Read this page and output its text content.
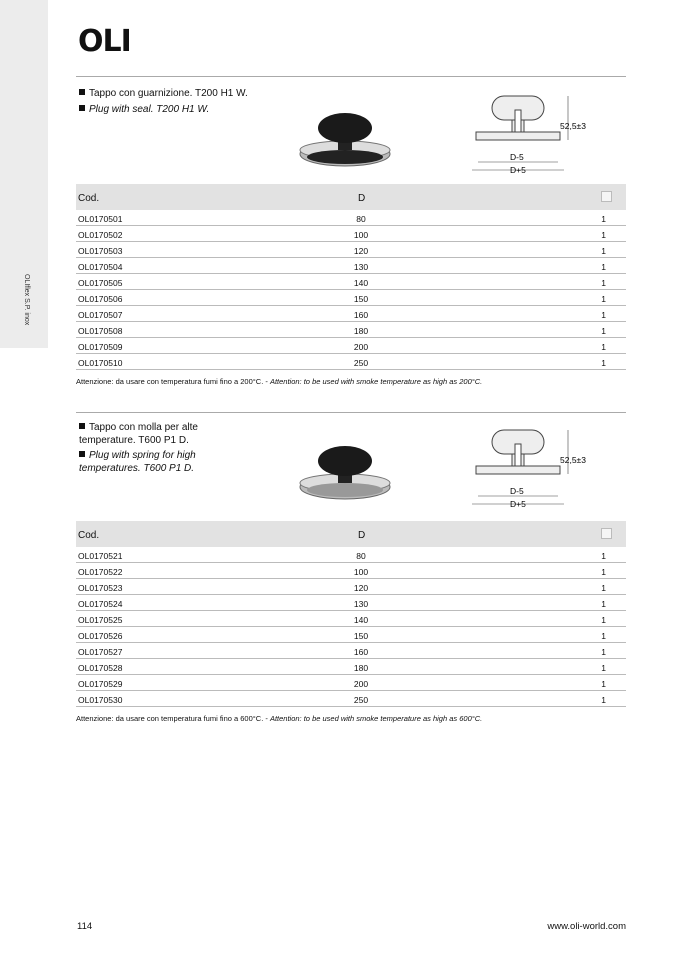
OLIflex S.P. inox
OLI
Tappo con guarnizione. T200 H1 W.
Plug with seal. T200 H1 W.
52,5±3
D-5
D+5
Cod.	D
OL0170501	80	1
OL0170502	100	1
OL0170503	120	1
OL0170504	130	1
OL0170505	140	1
OL0170506	150	1
OL0170507	160	1
OL0170508	180	1
OL0170509	200	1
OL0170510	250	1
Attenzione: da usare con temperatura fumi fino a 200°C. - Attention: to be used with smoke temperature as high as 200°C.
Tappo con molla per alte temperature. T600 P1 D.
Plug with spring for high temperatures. T600 P1 D.
52,5±3
D-5
D+5
Cod.	D
OL0170521	80	1
OL0170522	100	1
OL0170523	120	1
OL0170524	130	1
OL0170525	140	1
OL0170526	150	1
OL0170527	160	1
OL0170528	180	1
OL0170529	200	1
OL0170530	250	1
Attenzione: da usare con temperatura fumi fino a 600°C. - Attention: to be used with smoke temperature as high as 600°C.
114	www.oli-world.com
